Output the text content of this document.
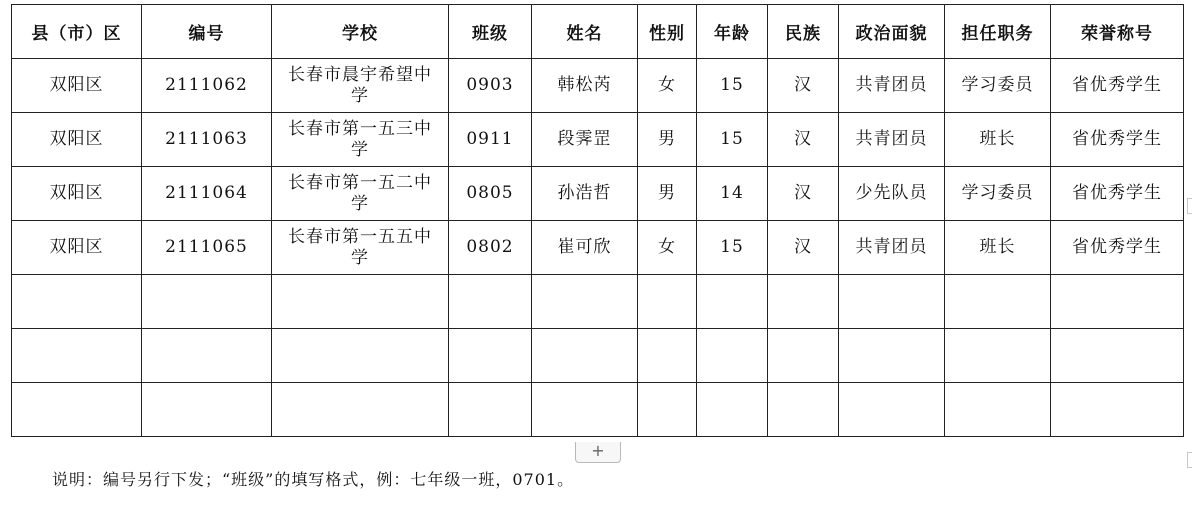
县（市）区	编号	学校	班级	姓名	性别	年龄	民族	政治面貌	担任职务	荣誉称号
双阳区	2111062	长春市晨宇希望中学	0903	韩松芮	女	15	汉	共青团员	学习委员	省优秀学生
双阳区	2111063	长春市第一五三中学	0911	段霁罡	男	15	汉	共青团员	班长	省优秀学生
双阳区	2111064	长春市第一五二中学	0805	孙浩哲	男	14	汉	少先队员	学习委员	省优秀学生
双阳区	2111065	长春市第一五五中学	0802	崔可欣	女	15	汉	共青团员	班长	省优秀学生

+
说明：编号另行下发；“班级”的填写格式，例：七年级一班，0701。
